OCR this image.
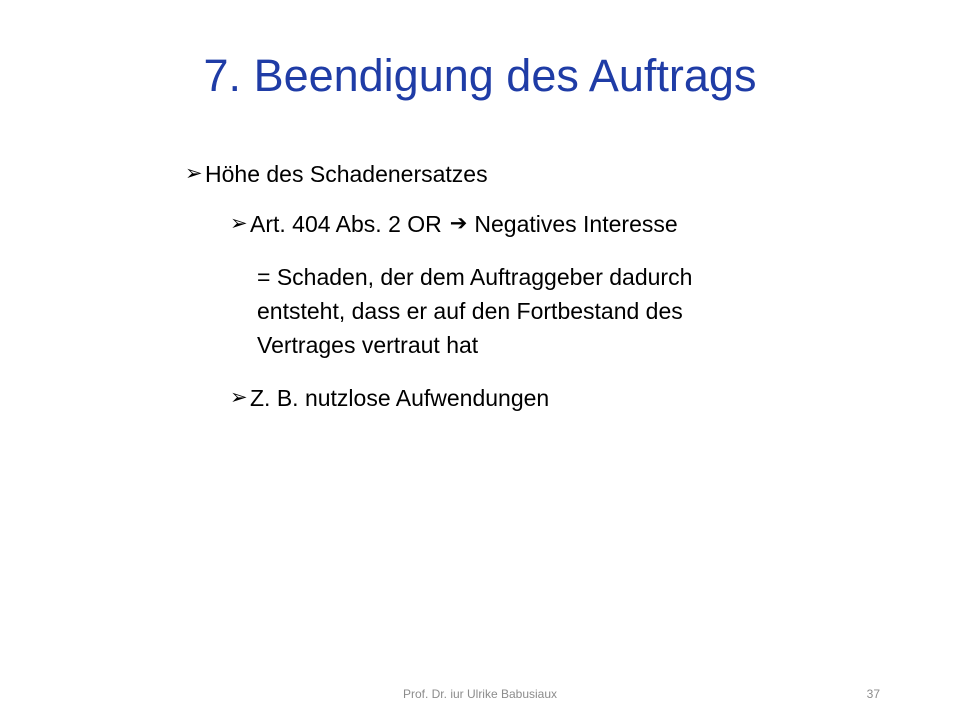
7. Beendigung des Auftrags
➢ Höhe des Schadenersatzes
➢ Art. 404 Abs. 2 OR ➔ Negatives Interesse
= Schaden, der dem Auftraggeber dadurch
entsteht, dass er auf den Fortbestand des
Vertrages vertraut hat
➢ Z. B. nutzlose Aufwendungen
Prof. Dr. iur Ulrike Babusiaux	37
